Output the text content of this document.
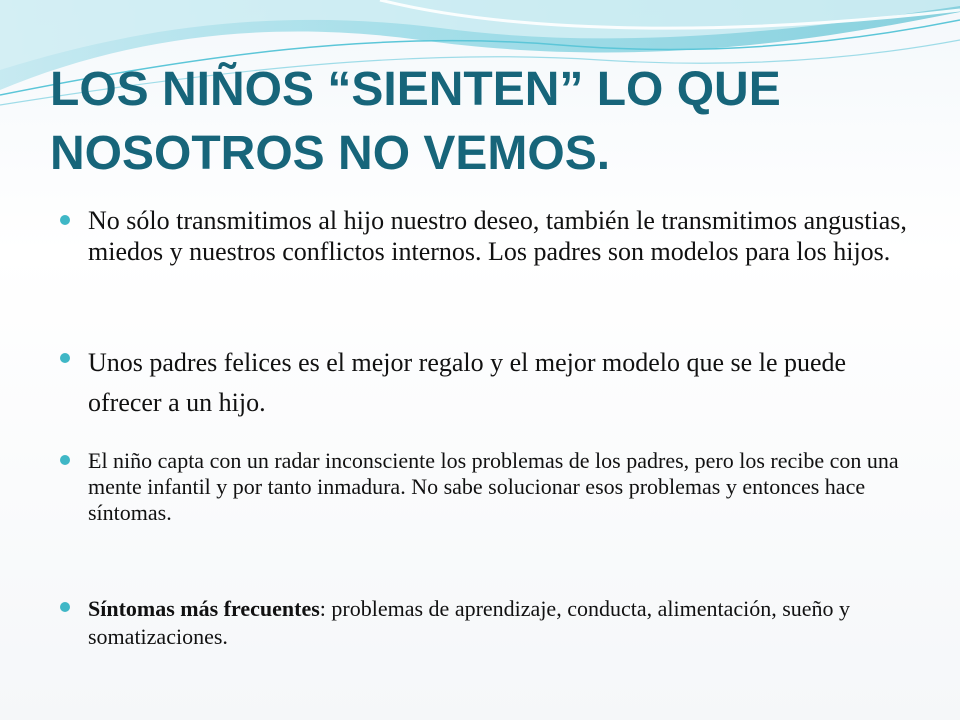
LOS NIÑOS “SIENTEN” LO QUE
NOSOTROS NO VEMOS.
No sólo transmitimos al hijo nuestro deseo, también le transmitimos angustias, miedos y nuestros conflictos internos. Los padres son modelos para los hijos.
Unos padres felices es el mejor regalo y el mejor modelo que se le puede ofrecer a un hijo.
El niño capta con un radar inconsciente los problemas de los padres, pero los recibe con una mente infantil y por tanto inmadura. No sabe solucionar esos problemas y entonces hace síntomas.
Síntomas más frecuentes: problemas de aprendizaje, conducta, alimentación, sueño y somatizaciones.
